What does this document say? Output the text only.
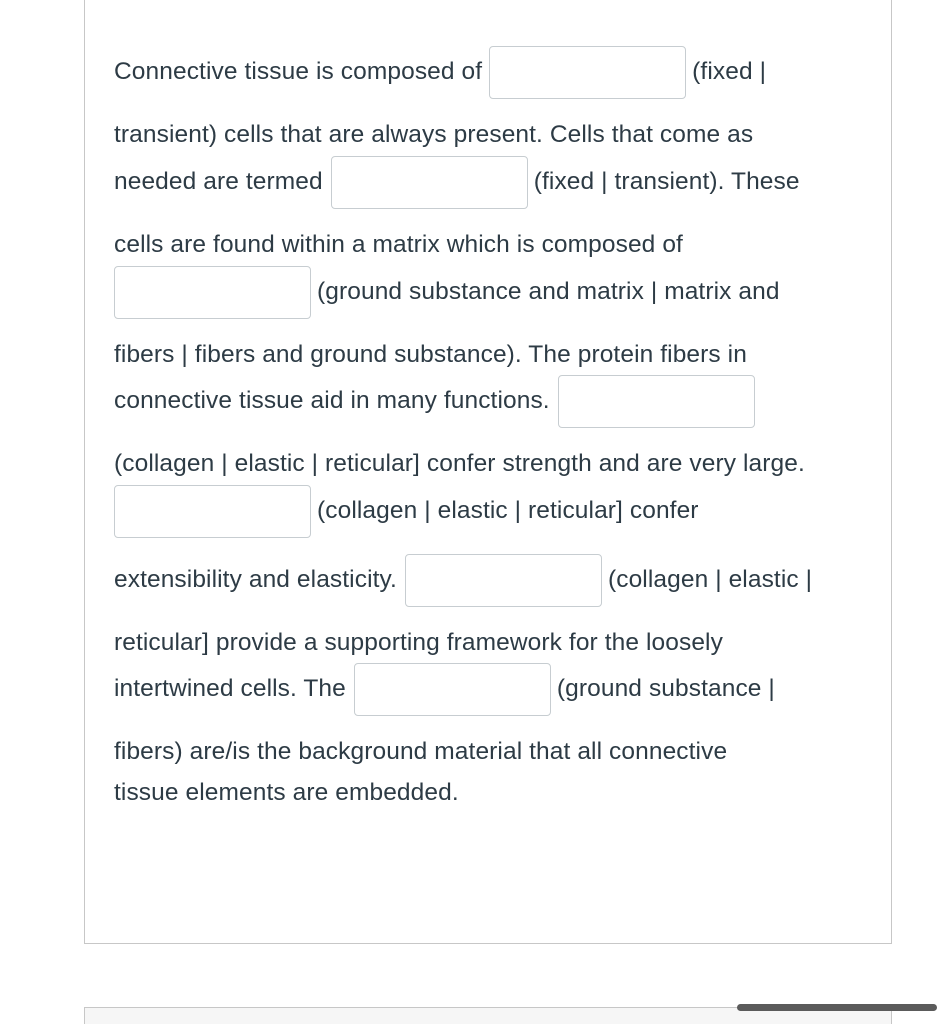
Connective tissue is composed of	(fixed |
transient) cells that are always present. Cells that come as
needed are termed	(fixed | transient). These
cells are found within a matrix which is composed of
(ground substance and matrix | matrix and
fibers | fibers and ground substance). The protein fibers in
connective tissue aid in many functions.
(collagen | elastic | reticular] confer strength and are very large.
(collagen | elastic | reticular] confer
extensibility and elasticity.	(collagen | elastic |
reticular] provide a supporting framework for the loosely
intertwined cells. The	(ground substance |
fibers) are/is the background material that all connective
tissue elements are embedded.
